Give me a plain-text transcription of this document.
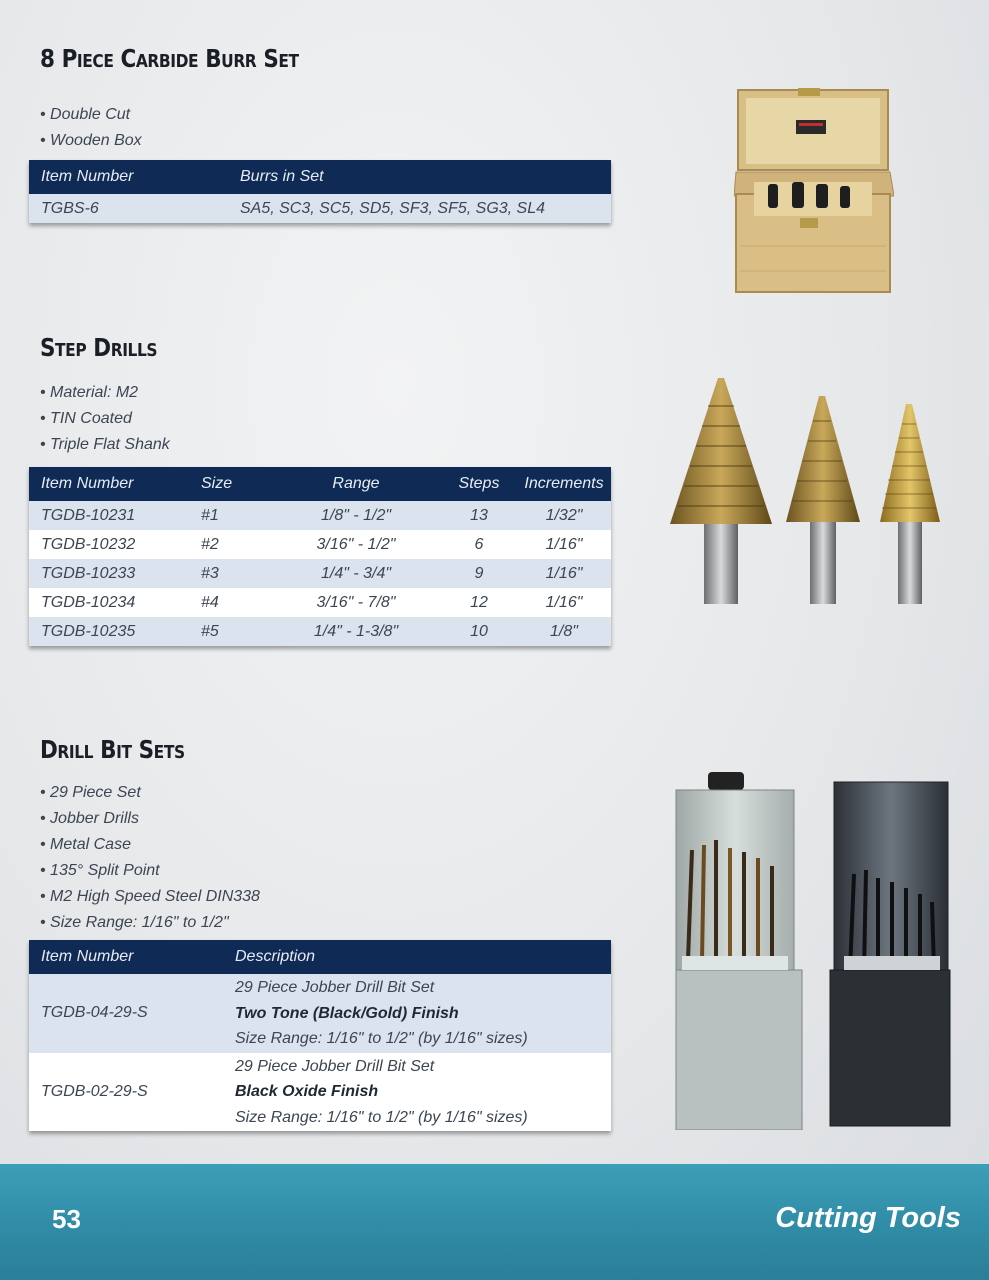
8 Piece Carbide Burr Set
• Double Cut
• Wooden Box
Item Number	Burrs in Set
TGBS-6	SA5, SC3, SC5, SD5, SF3, SF5, SG3, SL4
Step Drills
• Material: M2
• TIN Coated
• Triple Flat Shank
Item Number	Size	Range	Steps	Increments
TGDB-10231	#1	1/8" - 1/2"	13	1/32"
TGDB-10232	#2	3/16" - 1/2"	6	1/16"
TGDB-10233	#3	1/4" - 3/4"	9	1/16"
TGDB-10234	#4	3/16" - 7/8"	12	1/16"
TGDB-10235	#5	1/4" - 1-3/8"	10	1/8"
Drill Bit Sets
• 29 Piece Set
• Jobber Drills
• Metal Case
• 135° Split Point
• M2 High Speed Steel DIN338
• Size Range: 1/16" to 1/2"
Item Number	Description
TGDB-04-29-S	29 Piece Jobber Drill Bit Set
Two Tone (Black/Gold) Finish
Size Range: 1/16" to 1/2" (by 1/16" sizes)

TGDB-02-29-S	29 Piece Jobber Drill Bit Set
Black Oxide Finish
Size Range: 1/16" to 1/2" (by 1/16" sizes)
53	Cutting Tools
